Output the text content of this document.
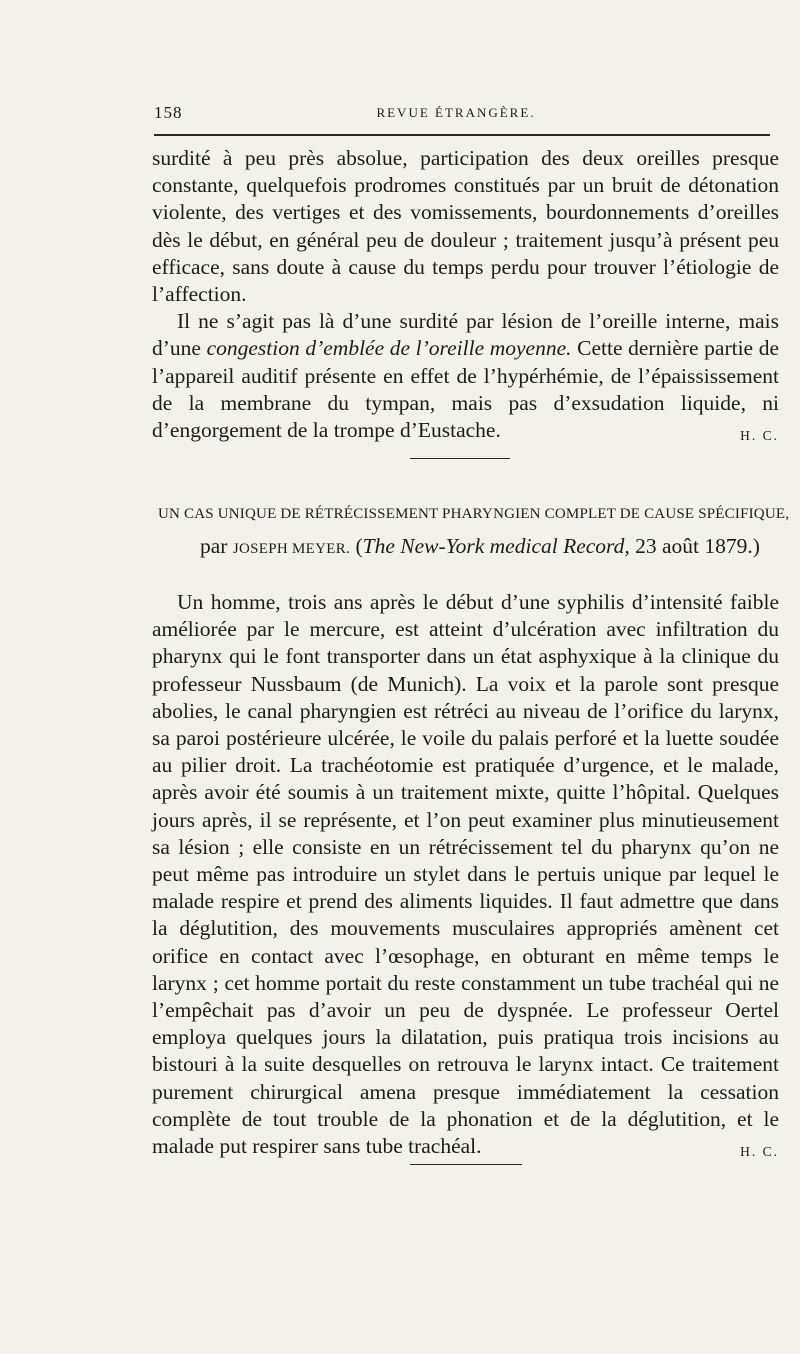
158	REVUE ÉTRANGÈRE.

surdité à peu près absolue, participation des deux oreilles presque constante, quelquefois prodromes constitués par un bruit de détonation violente, des vertiges et des vomissements, bourdonnements d’oreilles dès le début, en général peu de douleur ; traitement jusqu’à présent peu efficace, sans doute à cause du temps perdu pour trouver l’étiologie de l’affection.

Il ne s’agit pas là d’une surdité par lésion de l’oreille interne, mais d’une congestion d’emblée de l’oreille moyenne. Cette dernière partie de l’appareil auditif présente en effet de l’hypérhémie, de l’épaississement de la membrane du tympan, mais pas d’exsudation liquide, ni d’engorgement de la trompe d’Eustache.	H. C.

UN CAS UNIQUE DE RÉTRÉCISSEMENT PHARYNGIEN COMPLET DE CAUSE SPÉCIFIQUE,
par JOSEPH MEYER. (The New-York medical Record, 23 août 1879.)

Un homme, trois ans après le début d’une syphilis d’intensité faible améliorée par le mercure, est atteint d’ulcération avec infiltration du pharynx qui le font transporter dans un état asphyxique à la clinique du professeur Nussbaum (de Munich). La voix et la parole sont presque abolies, le canal pharyngien est rétréci au niveau de l’orifice du larynx, sa paroi postérieure ulcérée, le voile du palais perforé et la luette soudée au pilier droit. La trachéotomie est pratiquée d’urgence, et le malade, après avoir été soumis à un traitement mixte, quitte l’hôpital. Quelques jours après, il se représente, et l’on peut examiner plus minutieusement sa lésion ; elle consiste en un rétrécissement tel du pharynx qu’on ne peut même pas introduire un stylet dans le pertuis unique par lequel le malade respire et prend des aliments liquides. Il faut admettre que dans la déglutition, des mouvements musculaires appropriés amènent cet orifice en contact avec l’œsophage, en obturant en même temps le larynx ; cet homme portait du reste constamment un tube trachéal qui ne l’empêchait pas d’avoir un peu de dyspnée. Le professeur Oertel employa quelques jours la dilatation, puis pratiqua trois incisions au bistouri à la suite desquelles on retrouva le larynx intact. Ce traitement purement chirurgical amena presque immédiatement la cessation complète de tout trouble de la phonation et de la déglutition, et le malade put respirer sans tube trachéal.	H. C.
